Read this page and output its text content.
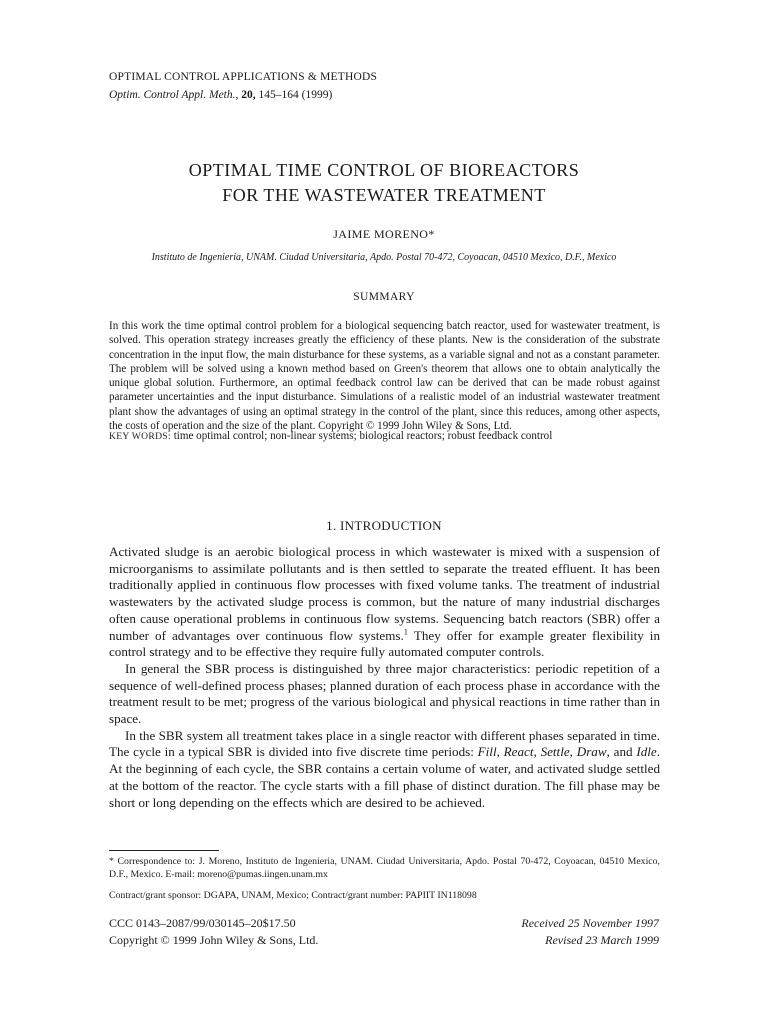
OPTIMAL CONTROL APPLICATIONS & METHODS
Optim. Control Appl. Meth., 20, 145–164 (1999)
OPTIMAL TIME CONTROL OF BIOREACTORS
FOR THE WASTEWATER TREATMENT
JAIME MORENO*
Instituto de Ingenieria, UNAM. Ciudad Universitaria, Apdo. Postal 70-472, Coyoacan, 04510 Mexico, D.F., Mexico
SUMMARY
In this work the time optimal control problem for a biological sequencing batch reactor, used for wastewater treatment, is solved. This operation strategy increases greatly the efficiency of these plants. New is the consideration of the substrate concentration in the input flow, the main disturbance for these systems, as a variable signal and not as a constant parameter. The problem will be solved using a known method based on Green's theorem that allows one to obtain analytically the unique global solution. Furthermore, an optimal feedback control law can be derived that can be made robust against parameter uncertainties and the input disturbance. Simulations of a realistic model of an industrial wastewater treatment plant show the advantages of using an optimal strategy in the control of the plant, since this reduces, among other aspects, the costs of operation and the size of the plant. Copyright © 1999 John Wiley & Sons, Ltd.
KEY WORDS: time optimal control; non-linear systems; biological reactors; robust feedback control
1. INTRODUCTION

Activated sludge is an aerobic biological process in which wastewater is mixed with a suspension of microorganisms to assimilate pollutants and is then settled to separate the treated effluent. It has been traditionally applied in continuous flow processes with fixed volume tanks. The treatment of industrial wastewaters by the activated sludge process is common, but the nature of many industrial discharges often cause operational problems in continuous flow systems. Sequencing batch reactors (SBR) offer a number of advantages over continuous flow systems.$^1$ They offer for example greater flexibility in control strategy and to be effective they require fully automated computer controls.

In general the SBR process is distinguished by three major characteristics: periodic repetition of a sequence of well-defined process phases; planned duration of each process phase in accordance with the treatment result to be met; progress of the various biological and physical reactions in time rather than in space.

In the SBR system all treatment takes place in a single reactor with different phases separated in time. The cycle in a typical SBR is divided into five discrete time periods: Fill, React, Settle, Draw, and Idle. At the beginning of each cycle, the SBR contains a certain volume of water, and activated sludge settled at the bottom of the reactor. The cycle starts with a fill phase of distinct duration. The fill phase may be short or long depending on the effects which are desired to be achieved.

* Correspondence to: J. Moreno, Instituto de Ingenieria, UNAM. Ciudad Universitaria, Apdo. Postal 70-472, Coyoacan, 04510 Mexico, D.F., Mexico. E-mail: moreno@pumas.iingen.unam.mx
Contract/grant sponsor: DGAPA, UNAM, Mexico; Contract/grant number: PAPIIT IN118098
CCC 0143–2087/99/030145–20$17.50
Copyright © 1999 John Wiley & Sons, Ltd.
Received 25 November 1997
Revised 23 March 1999
